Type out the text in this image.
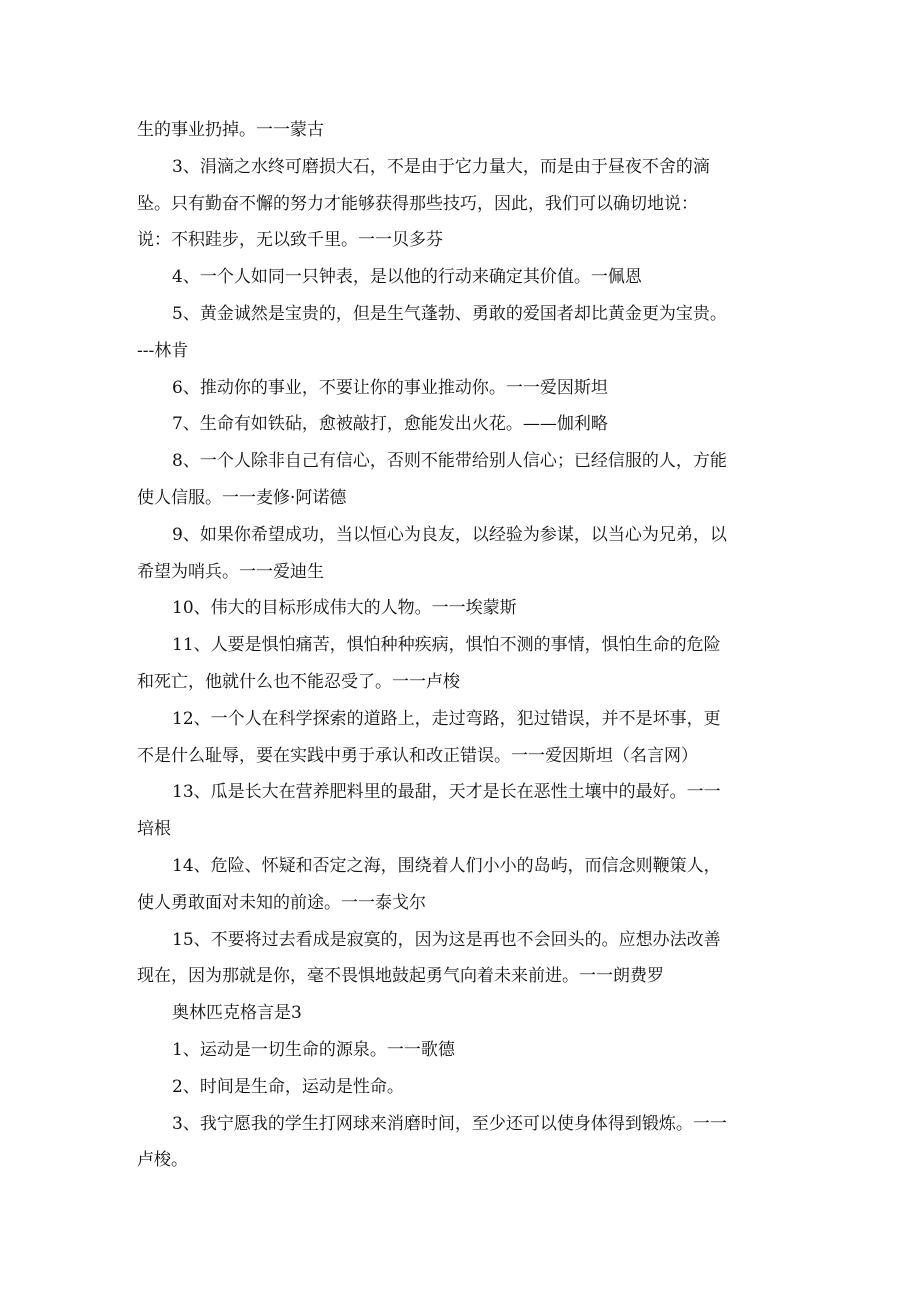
生的事业扔掉。一一蒙古
3、涓滴之水终可磨损大石，不是由于它力量大，而是由于昼夜不舍的滴
坠。只有勤奋不懈的努力才能够获得那些技巧，因此，我们可以确切地说：
说：不积跬步，无以致千里。一一贝多芬
4、一个人如同一只钟表，是以他的行动来确定其价值。一佩恩
5、黄金诚然是宝贵的，但是生气蓬勃、勇敢的爱国者却比黄金更为宝贵。
---林肯
6、推动你的事业，不要让你的事业推动你。一一爱因斯坦
7、生命有如铁砧，愈被敲打，愈能发出火花。——伽利略
8、一个人除非自己有信心，否则不能带给别人信心；已经信服的人，方能
使人信服。一一麦修·阿诺德
9、如果你希望成功，当以恒心为良友，以经验为参谋，以当心为兄弟，以
希望为哨兵。一一爱迪生
10、伟大的目标形成伟大的人物。一一埃蒙斯
11、人要是惧怕痛苦，惧怕种种疾病，惧怕不测的事情，惧怕生命的危险
和死亡，他就什么也不能忍受了。一一卢梭
12、一个人在科学探索的道路上，走过弯路，犯过错误，并不是坏事，更
不是什么耻辱，要在实践中勇于承认和改正错误。一一爱因斯坦（名言网）
13、瓜是长大在营养肥料里的最甜，天才是长在恶性土壤中的最好。一一
培根
14、危险、怀疑和否定之海，围绕着人们小小的岛屿，而信念则鞭策人，
使人勇敢面对未知的前途。一一泰戈尔
15、不要将过去看成是寂寞的，因为这是再也不会回头的。应想办法改善
现在，因为那就是你，毫不畏惧地鼓起勇气向着未来前进。一一朗费罗
奥林匹克格言是3
1、运动是一切生命的源泉。一一歌德
2、时间是生命，运动是性命。
3、我宁愿我的学生打网球来消磨时间，至少还可以使身体得到锻炼。一一
卢梭。
